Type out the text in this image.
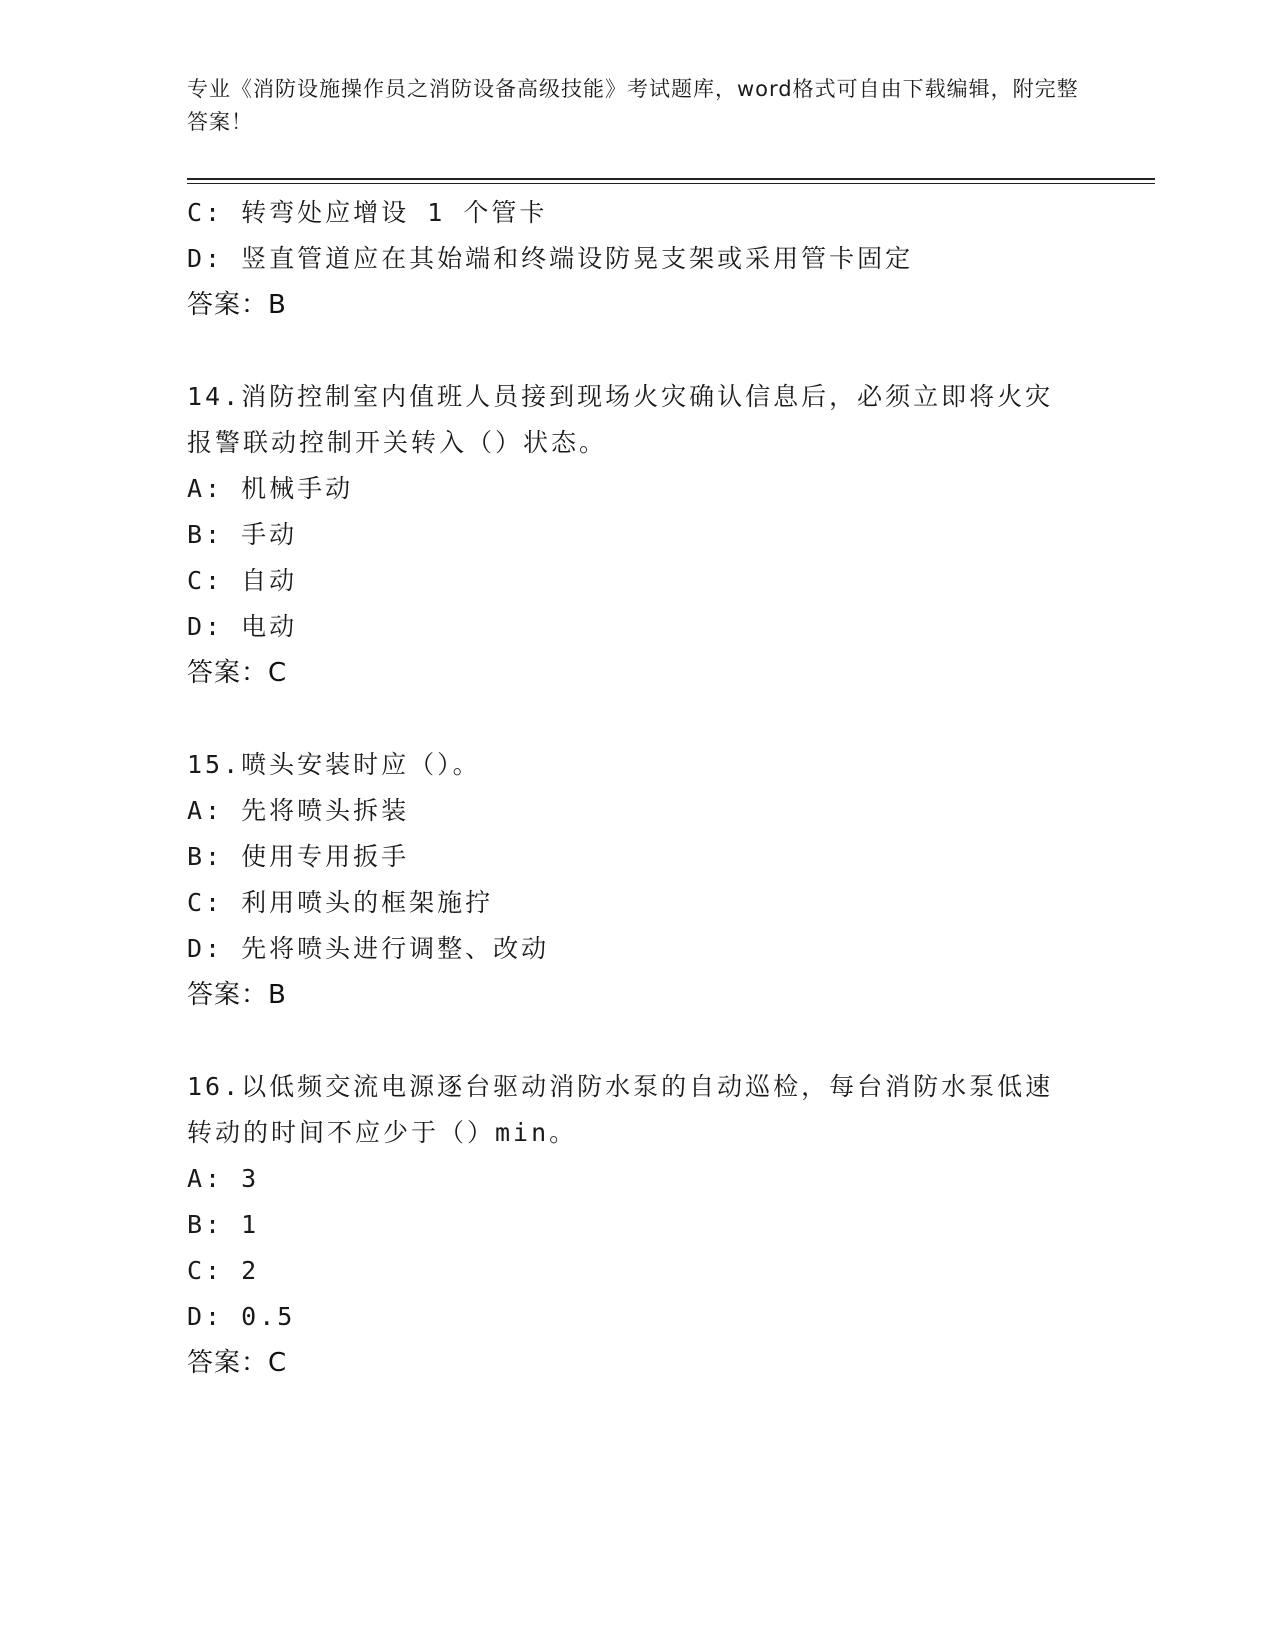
专业《消防设施操作员之消防设备高级技能》考试题库，word格式可自由下载编辑，附完整答案！
C: 转弯处应增设 1 个管卡
D: 竖直管道应在其始端和终端设防晃支架或采用管卡固定
答案：B
14.消防控制室内值班人员接到现场火灾确认信息后，必须立即将火灾
报警联动控制开关转入（）状态。
A: 机械手动
B: 手动
C: 自动
D: 电动
答案：C
15.喷头安装时应（）。
A: 先将喷头拆装
B: 使用专用扳手
C: 利用喷头的框架施拧
D: 先将喷头进行调整、改动
答案：B
16.以低频交流电源逐台驱动消防水泵的自动巡检，每台消防水泵低速
转动的时间不应少于（）min。
A: 3
B: 1
C: 2
D: 0.5
答案：C
